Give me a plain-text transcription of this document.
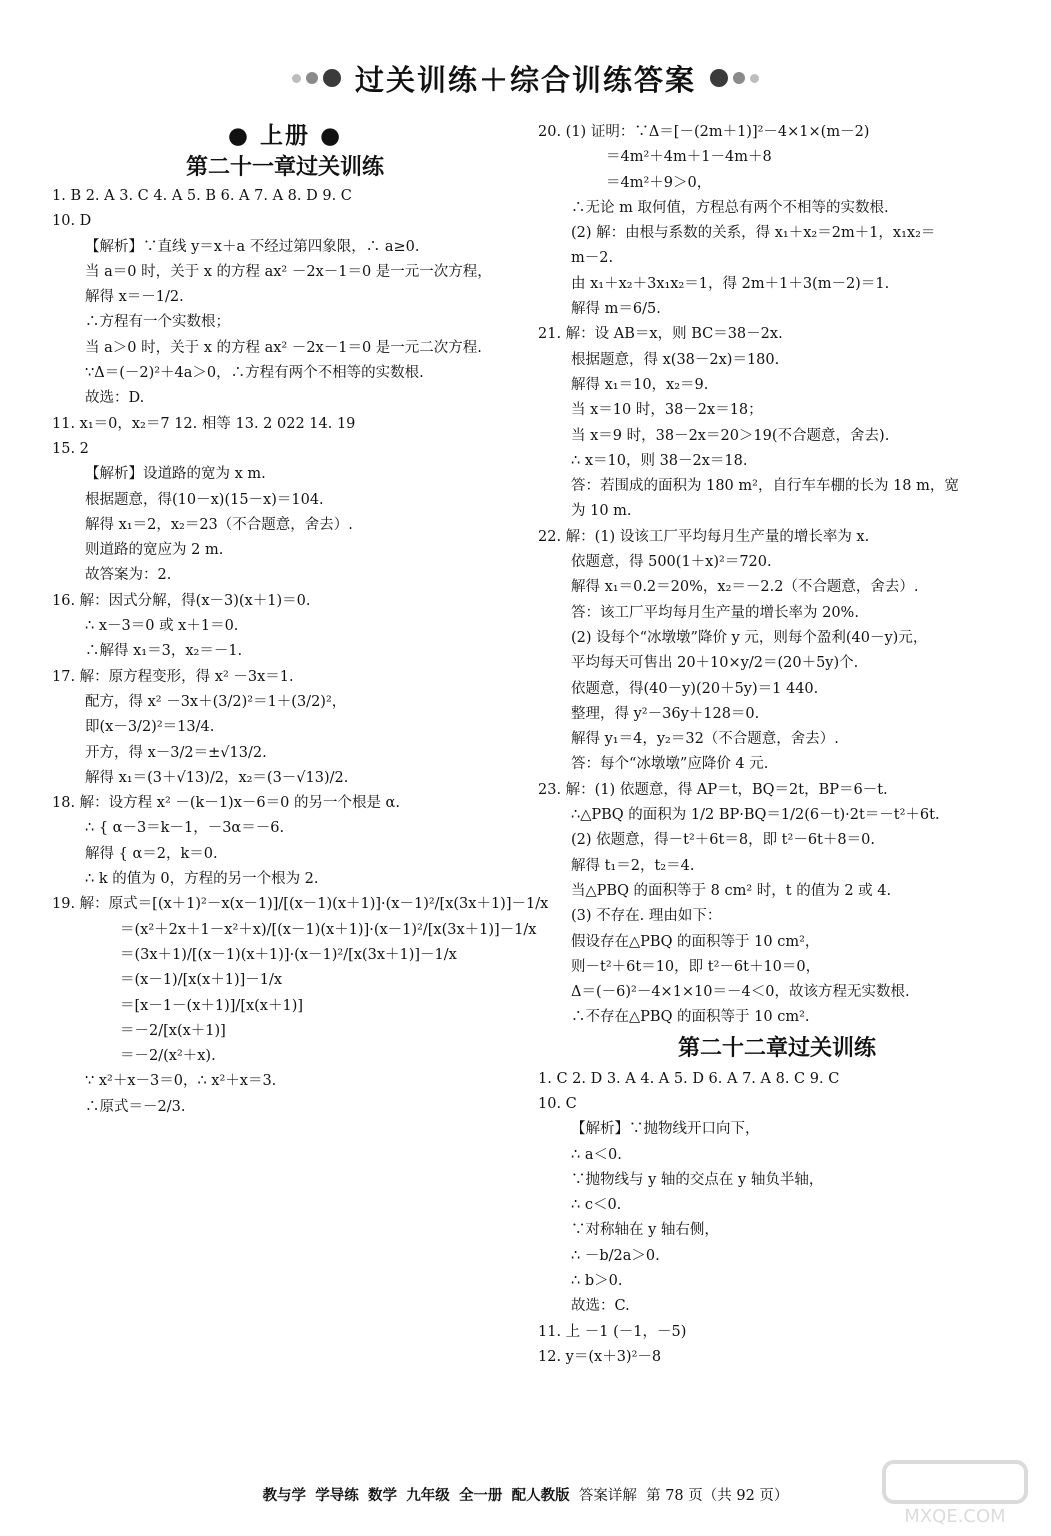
过关训练＋综合训练答案
● 上册 ●
第二十一章过关训练
1. B 2. A 3. C 4. A 5. B 6. A 7. A 8. D 9. C
10. D
【解析】∵直线 y＝x＋a 不经过第四象限，∴ a≥0.
当 a＝0 时，关于 x 的方程 ax² －2x－1＝0 是一元一次方程，
解得 x＝－1/2.
∴方程有一个实数根；
当 a＞0 时，关于 x 的方程 ax² －2x－1＝0 是一元二次方程.
∵Δ＝(－2)²＋4a＞0，∴方程有两个不相等的实数根.
故选：D.
11. x₁＝0，x₂＝7 12. 相等 13. 2 022 14. 19
15. 2
【解析】设道路的宽为 x m.
根据题意，得(10－x)(15－x)＝104.
解得 x₁＝2，x₂＝23（不合题意，舍去）.
则道路的宽应为 2 m.
故答案为：2.
16. 解：因式分解，得(x－3)(x＋1)＝0.
∴ x－3＝0 或 x＋1＝0.
∴解得 x₁＝3，x₂＝－1.
17. 解：原方程变形，得 x² －3x＝1.
配方，得 x² －3x＋(3/2)²＝1＋(3/2)²，
即(x－3/2)²＝13/4.
开方，得 x－3/2＝±√13/2.
解得 x₁＝(3＋√13)/2，x₂＝(3－√13)/2.
18. 解：设方程 x² －(k－1)x－6＝0 的另一个根是 α.
∴ { α－3＝k－1，－3α＝－6.
解得 { α＝2，k＝0.
∴ k 的值为 0，方程的另一个根为 2.
19. 解：原式＝[(x＋1)²－x(x－1)]/[(x－1)(x＋1)]·(x－1)²/[x(3x＋1)]－1/x
＝(x²＋2x＋1－x²＋x)/[(x－1)(x＋1)]·(x－1)²/[x(3x＋1)]－1/x
＝(3x＋1)/[(x－1)(x＋1)]·(x－1)²/[x(3x＋1)]－1/x
＝(x－1)/[x(x＋1)]－1/x
＝[x－1－(x＋1)]/[x(x＋1)]
＝－2/[x(x＋1)]
＝－2/(x²＋x).
∵ x²＋x－3＝0，∴ x²＋x＝3.
∴原式＝－2/3.
20. (1) 证明：∵Δ＝[－(2m＋1)]²－4×1×(m－2)
＝4m²＋4m＋1－4m＋8
＝4m²＋9＞0，
∴无论 m 取何值，方程总有两个不相等的实数根.
(2) 解：由根与系数的关系，得 x₁＋x₂＝2m＋1，x₁x₂＝
m－2.
由 x₁＋x₂＋3x₁x₂＝1，得 2m＋1＋3(m－2)＝1.
解得 m＝6/5.
21. 解：设 AB＝x，则 BC＝38－2x.
根据题意，得 x(38－2x)＝180.
解得 x₁＝10，x₂＝9.
当 x＝10 时，38－2x＝18；
当 x＝9 时，38－2x＝20＞19(不合题意，舍去).
∴ x＝10，则 38－2x＝18.
答：若围成的面积为 180 m²，自行车车棚的长为 18 m，宽
为 10 m.
22. 解：(1) 设该工厂平均每月生产量的增长率为 x.
依题意，得 500(1＋x)²＝720.
解得 x₁＝0.2＝20%，x₂＝－2.2（不合题意，舍去）.
答：该工厂平均每月生产量的增长率为 20%.
(2) 设每个“冰墩墩”降价 y 元，则每个盈利(40－y)元，
平均每天可售出 20＋10×y/2＝(20＋5y)个.
依题意，得(40－y)(20＋5y)＝1 440.
整理，得 y²－36y＋128＝0.
解得 y₁＝4，y₂＝32（不合题意，舍去）.
答：每个“冰墩墩”应降价 4 元.
23. 解：(1) 依题意，得 AP＝t，BQ＝2t，BP＝6－t.
∴△PBQ 的面积为 1/2 BP·BQ＝1/2(6－t)·2t＝－t²＋6t.
(2) 依题意，得－t²＋6t＝8，即 t²－6t＋8＝0.
解得 t₁＝2，t₂＝4.
当△PBQ 的面积等于 8 cm² 时，t 的值为 2 或 4.
(3) 不存在. 理由如下：
假设存在△PBQ 的面积等于 10 cm²，
则－t²＋6t＝10，即 t²－6t＋10＝0，
Δ＝(－6)²－4×1×10＝－4＜0，故该方程无实数根.
∴不存在△PBQ 的面积等于 10 cm².
第二十二章过关训练
1. C 2. D 3. A 4. A 5. D 6. A 7. A 8. C 9. C
10. C
【解析】∵抛物线开口向下，
∴ a＜0.
∵抛物线与 y 轴的交点在 y 轴负半轴，
∴ c＜0.
∵对称轴在 y 轴右侧，
∴ －b/2a＞0.
∴ b＞0.
故选：C.
11. 上 －1 (－1，－5)
12. y＝(x＋3)²－8
教与学 学导练 数学 九年级 全一册 配人教版 答案详解 第 78 页（共 92 页）
MXQE.COM
